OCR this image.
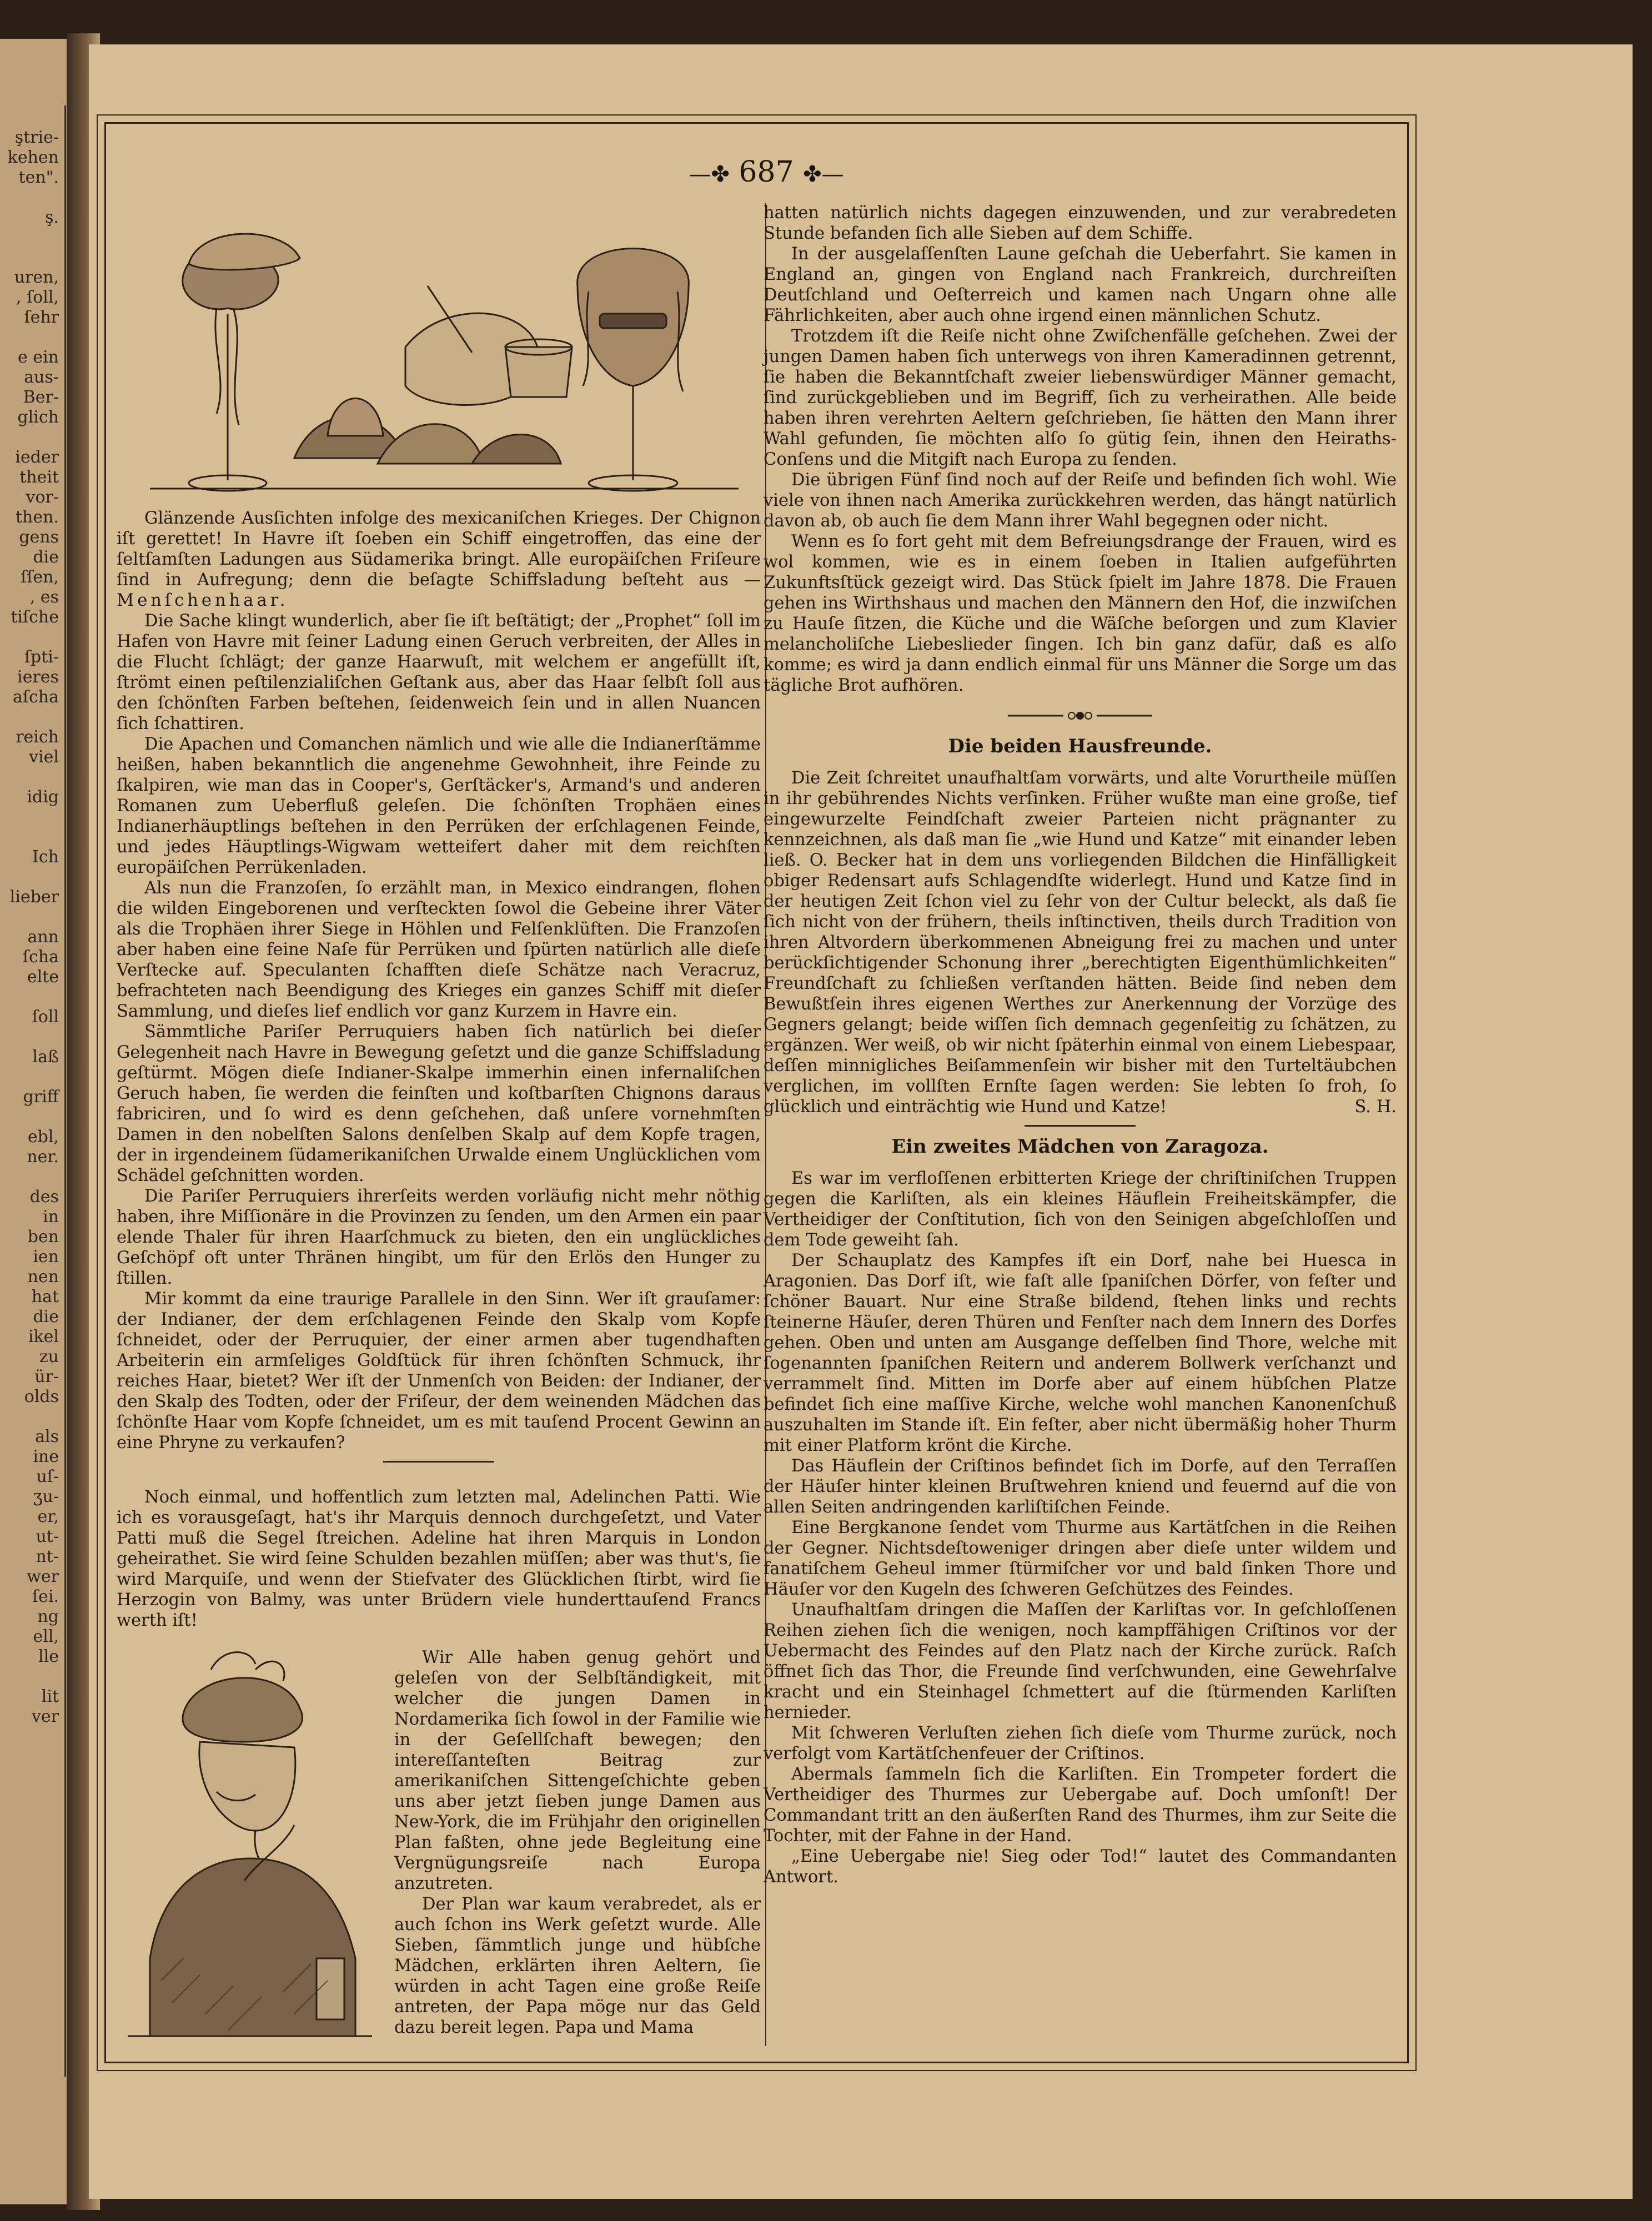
ştrie-
kehen
ten".

ş.

uren,
, ſoll,
ſehr

e ein
aus-
Ber-
glich

ieder
theit
vor-
then.
gens
die
ſſen,
, es
tiſche

ſpti-
ieres
aſcha

reich
viel

idig

Ich

lieber

ann
ſcha
elte

ſoll

laß

griff

ebl,
ner.

des
in
ben
ien
nen
hat
die
ikel
zu
ür-
olds

als
ine
uſ-
ʒu-
er,
ut-
nt-
wer
ſei.
ng
ell,
lle

lit
ver
—✤ 687 ✤—

Glänzende Ausſichten infolge des mexicaniſchen Krieges. Der Chignon iſt gerettet! In Havre iſt ſoeben ein Schiff eingetroffen, das eine der ſeltſamſten Ladungen aus Südamerika bringt. Alle europäiſchen Friſeure ſind in Aufregung; denn die beſagte Schiffsladung beſteht aus — Menſchenhaar.

Die Sache klingt wunderlich, aber ſie iſt beſtätigt; der „Prophet“ ſoll im Hafen von Havre mit ſeiner Ladung einen Geruch verbreiten, der Alles in die Flucht ſchlägt; der ganze Haarwuſt, mit welchem er angefüllt iſt, ſtrömt einen peſtilenzialiſchen Geſtank aus, aber das Haar ſelbſt ſoll aus den ſchönſten Farben beſtehen, ſeidenweich ſein und in allen Nuancen ſich ſchattiren.

Die Apachen und Comanchen nämlich und wie alle die Indianerſtämme heißen, haben bekanntlich die angenehme Gewohnheit, ihre Feinde zu ſkalpiren, wie man das in Cooper's, Gerſtäcker's, Armand's und anderen Romanen zum Ueberfluß geleſen. Die ſchönſten Trophäen eines Indianerhäuptlings beſtehen in den Perrüken der erſchlagenen Feinde, und jedes Häuptlings-Wigwam wetteifert daher mit dem reichſten europäiſchen Perrükenladen.

Als nun die Franzoſen, ſo erzählt man, in Mexico eindrangen, flohen die wilden Eingeborenen und verſteckten ſowol die Gebeine ihrer Väter als die Trophäen ihrer Siege in Höhlen und Felſenklüften. Die Franzoſen aber haben eine feine Naſe für Perrüken und ſpürten natürlich alle dieſe Verſtecke auf. Speculanten ſchafften dieſe Schätze nach Veracruz, befrachteten nach Beendigung des Krieges ein ganzes Schiff mit dieſer Sammlung, und dieſes lief endlich vor ganz Kurzem in Havre ein.

Sämmtliche Pariſer Perruquiers haben ſich natürlich bei dieſer Gelegenheit nach Havre in Bewegung geſetzt und die ganze Schiffsladung geſtürmt. Mögen dieſe Indianer-Skalpe immerhin einen infernaliſchen Geruch haben, ſie werden die feinſten und koſtbarſten Chignons daraus fabriciren, und ſo wird es denn geſchehen, daß unſere vornehmſten Damen in den nobelſten Salons denſelben Skalp auf dem Kopfe tragen, der in irgendeinem ſüdamerikaniſchen Urwalde einem Unglücklichen vom Schädel geſchnitten worden.

Die Pariſer Perruquiers ihrerſeits werden vorläufig nicht mehr nöthig haben, ihre Miſſionäre in die Provinzen zu ſenden, um den Armen ein paar elende Thaler für ihren Haarſchmuck zu bieten, den ein unglückliches Geſchöpf oft unter Thränen hingibt, um für den Erlös den Hunger zu ſtillen.

Mir kommt da eine traurige Parallele in den Sinn. Wer iſt grauſamer: der Indianer, der dem erſchlagenen Feinde den Skalp vom Kopfe ſchneidet, oder der Perruquier, der einer armen aber tugendhaften Arbeiterin ein armſeliges Goldſtück für ihren ſchönſten Schmuck, ihr reiches Haar, bietet? Wer iſt der Unmenſch von Beiden: der Indianer, der den Skalp des Todten, oder der Friſeur, der dem weinenden Mädchen das ſchönſte Haar vom Kopfe ſchneidet, um es mit tauſend Procent Gewinn an eine Phryne zu verkaufen?

Noch einmal, und hoffentlich zum letzten mal, Adelinchen Patti. Wie ich es vorausgeſagt, hat's ihr Marquis dennoch durchgeſetzt, und Vater Patti muß die Segel ſtreichen. Adeline hat ihren Marquis in London geheirathet. Sie wird ſeine Schulden bezahlen müſſen; aber was thut's, ſie wird Marquiſe, und wenn der Stiefvater des Glücklichen ſtirbt, wird ſie Herzogin von Balmy, was unter Brüdern viele hunderttauſend Francs werth iſt!

Wir Alle haben genug gehört und geleſen von der Selbſtändigkeit, mit welcher die jungen Damen in Nordamerika ſich ſowol in der Familie wie in der Geſellſchaft bewegen; den intereſſanteſten Beitrag zur amerikaniſchen Sittengeſchichte geben uns aber jetzt ſieben junge Damen aus New-York, die im Frühjahr den originellen Plan faßten, ohne jede Begleitung eine Vergnügungsreiſe nach Europa anzutreten.

Der Plan war kaum verabredet, als er auch ſchon ins Werk geſetzt wurde. Alle Sieben, ſämmtlich junge und hübſche Mädchen, erklärten ihren Aeltern, ſie würden in acht Tagen eine große Reiſe antreten, der Papa möge nur das Geld dazu bereit legen. Papa und Mama

hatten natürlich nichts dagegen einzuwenden, und zur verabredeten Stunde befanden ſich alle Sieben auf dem Schiffe.

In der ausgelaſſenſten Laune geſchah die Ueberfahrt. Sie kamen in England an, gingen von England nach Frankreich, durchreiſten Deutſchland und Oeſterreich und kamen nach Ungarn ohne alle Fährlichkeiten, aber auch ohne irgend einen männlichen Schutz.

Trotzdem iſt die Reiſe nicht ohne Zwiſchenfälle geſchehen. Zwei der jungen Damen haben ſich unterwegs von ihren Kameradinnen getrennt, ſie haben die Bekanntſchaft zweier liebenswürdiger Männer gemacht, ſind zurückgeblieben und im Begriff, ſich zu verheirathen. Alle beide haben ihren verehrten Aeltern geſchrieben, ſie hätten den Mann ihrer Wahl gefunden, ſie möchten alſo ſo gütig ſein, ihnen den Heiraths-Conſens und die Mitgift nach Europa zu ſenden.

Die übrigen Fünf ſind noch auf der Reiſe und befinden ſich wohl. Wie viele von ihnen nach Amerika zurückkehren werden, das hängt natürlich davon ab, ob auch ſie dem Mann ihrer Wahl begegnen oder nicht.

Wenn es ſo fort geht mit dem Befreiungsdrange der Frauen, wird es wol kommen, wie es in einem ſoeben in Italien aufgeführten Zukunftsſtück gezeigt wird. Das Stück ſpielt im Jahre 1878. Die Frauen gehen ins Wirthshaus und machen den Männern den Hof, die inzwiſchen zu Hauſe ſitzen, die Küche und die Wäſche beſorgen und zum Klavier melancholiſche Liebeslieder ſingen. Ich bin ganz dafür, daß es alſo komme; es wird ja dann endlich einmal für uns Männer die Sorge um das tägliche Brot aufhören.

Die beiden Hausfreunde.

Die Zeit ſchreitet unaufhaltſam vorwärts, und alte Vorurtheile müſſen in ihr gebührendes Nichts verſinken. Früher wußte man eine große, tief eingewurzelte Feindſchaft zweier Parteien nicht prägnanter zu kennzeichnen, als daß man ſie „wie Hund und Katze“ mit einander leben ließ. O. Becker hat in dem uns vorliegenden Bildchen die Hinfälligkeit obiger Redensart aufs Schlagendſte widerlegt. Hund und Katze ſind in der heutigen Zeit ſchon viel zu ſehr von der Cultur beleckt, als daß ſie ſich nicht von der frühern, theils inſtinctiven, theils durch Tradition von ihren Altvordern überkommenen Abneigung frei zu machen und unter berückſichtigender Schonung ihrer „berechtigten Eigenthümlichkeiten“ Freundſchaft zu ſchließen verſtanden hätten. Beide ſind neben dem Bewußtſein ihres eigenen Werthes zur Anerkennung der Vorzüge des Gegners gelangt; beide wiſſen ſich demnach gegenſeitig zu ſchätzen, zu ergänzen. Wer weiß, ob wir nicht ſpäterhin einmal von einem Liebespaar, deſſen minnigliches Beiſammenſein wir bisher mit den Turteltäubchen verglichen, im vollſten Ernſte ſagen werden: Sie lebten ſo froh, ſo glücklich und einträchtig wie Hund und Katze!	S. H.

Ein zweites Mädchen von Zaragoza.

Es war im verfloſſenen erbitterten Kriege der chriſtiniſchen Truppen gegen die Karliſten, als ein kleines Häuflein Freiheitskämpfer, die Vertheidiger der Conſtitution, ſich von den Seinigen abgeſchloſſen und dem Tode geweiht ſah.

Der Schauplatz des Kampfes iſt ein Dorf, nahe bei Huesca in Aragonien. Das Dorf iſt, wie faſt alle ſpaniſchen Dörfer, von feſter und ſchöner Bauart. Nur eine Straße bildend, ſtehen links und rechts ſteinerne Häuſer, deren Thüren und Fenſter nach dem Innern des Dorfes gehen. Oben und unten am Ausgange deſſelben ſind Thore, welche mit ſogenannten ſpaniſchen Reitern und anderem Bollwerk verſchanzt und verrammelt ſind. Mitten im Dorfe aber auf einem hübſchen Platze befindet ſich eine maſſive Kirche, welche wohl manchen Kanonenſchuß auszuhalten im Stande iſt. Ein feſter, aber nicht übermäßig hoher Thurm mit einer Platform krönt die Kirche.

Das Häuflein der Criſtinos befindet ſich im Dorfe, auf den Terraſſen der Häuſer hinter kleinen Bruſtwehren kniend und feuernd auf die von allen Seiten andringenden karliſtiſchen Feinde.

Eine Bergkanone ſendet vom Thurme aus Kartätſchen in die Reihen der Gegner. Nichtsdeſtoweniger dringen aber dieſe unter wildem und fanatiſchem Geheul immer ſtürmiſcher vor und bald ſinken Thore und Häuſer vor den Kugeln des ſchweren Geſchützes des Feindes.

Unaufhaltſam dringen die Maſſen der Karliſtas vor. In geſchloſſenen Reihen ziehen ſich die wenigen, noch kampffähigen Criſtinos vor der Uebermacht des Feindes auf den Platz nach der Kirche zurück. Raſch öffnet ſich das Thor, die Freunde ſind verſchwunden, eine Gewehrſalve kracht und ein Steinhagel ſchmettert auf die ſtürmenden Karliſten hernieder.

Mit ſchweren Verluſten ziehen ſich dieſe vom Thurme zurück, noch verfolgt vom Kartätſchenfeuer der Criſtinos.

Abermals ſammeln ſich die Karliſten. Ein Trompeter fordert die Vertheidiger des Thurmes zur Uebergabe auf. Doch umſonſt! Der Commandant tritt an den äußerſten Rand des Thurmes, ihm zur Seite die Tochter, mit der Fahne in der Hand.

„Eine Uebergabe nie! Sieg oder Tod!“ lautet des Commandanten Antwort.
